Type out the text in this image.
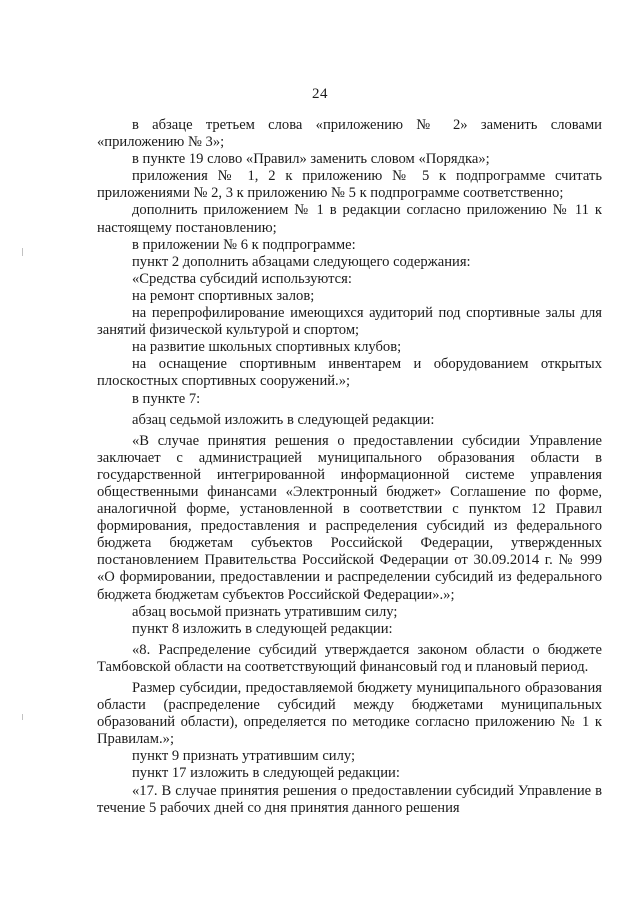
24

в абзаце третьем слова «приложению № 2» заменить словами «приложению № 3»;

в пункте 19 слово «Правил» заменить словом «Порядка»;

приложения № 1, 2 к приложению № 5 к подпрограмме считать приложениями № 2, 3 к приложению № 5 к подпрограмме соответственно;

дополнить приложением № 1 в редакции согласно приложению № 11 к настоящему постановлению;

в приложении № 6 к подпрограмме:

пункт 2 дополнить абзацами следующего содержания:

«Средства субсидий используются:

на ремонт спортивных залов;

на перепрофилирование имеющихся аудиторий под спортивные залы для занятий физической культурой и спортом;

на развитие школьных спортивных клубов;

на оснащение спортивным инвентарем и оборудованием открытых плоскостных спортивных сооружений.»;

в пункте 7:

абзац седьмой изложить в следующей редакции:

«В случае принятия решения о предоставлении субсидии Управление заключает с администрацией муниципального образования области в государственной интегрированной информационной системе управления общественными финансами «Электронный бюджет» Соглашение по форме, аналогичной форме, установленной в соответствии с пунктом 12 Правил формирования, предоставления и распределения субсидий из федерального бюджета бюджетам субъектов Российской Федерации, утвержденных постановлением Правительства Российской Федерации от 30.09.2014 г. № 999 «О формировании, предоставлении и распределении субсидий из федерального бюджета бюджетам субъектов Российской Федерации».»;

абзац восьмой признать утратившим силу;

пункт 8 изложить в следующей редакции:

«8. Распределение субсидий утверждается законом области о бюджете Тамбовской области на соответствующий финансовый год и плановый период.

Размер субсидии, предоставляемой бюджету муниципального образования области (распределение субсидий между бюджетами муниципальных образований области), определяется по методике согласно приложению № 1 к Правилам.»;

пункт 9 признать утратившим силу;

пункт 17 изложить в следующей редакции:

«17. В случае принятия решения о предоставлении субсидий Управление в течение 5 рабочих дней со дня принятия данного решения
